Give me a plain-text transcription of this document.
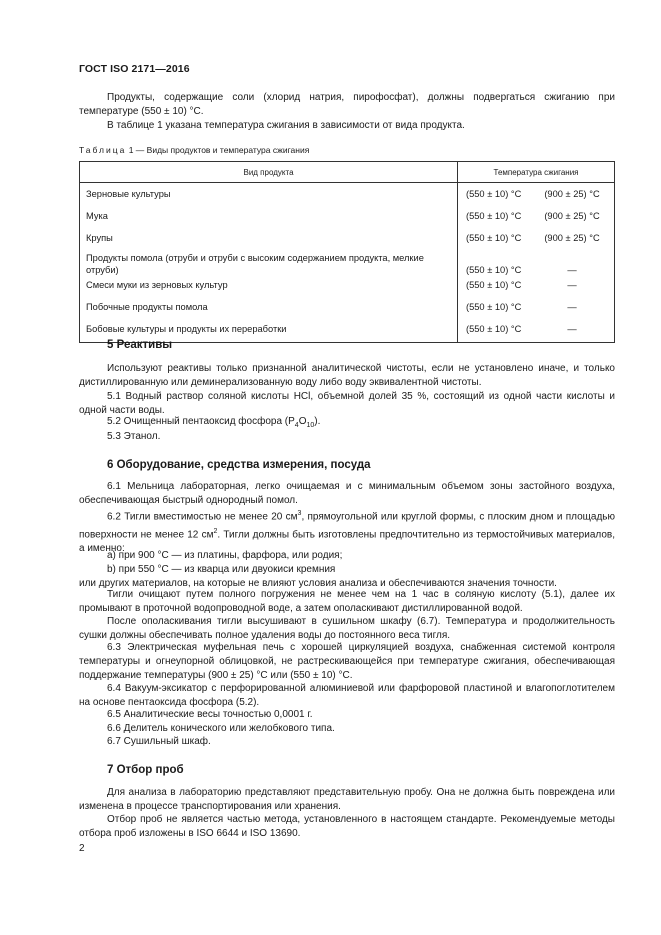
ГОСТ ISO 2171—2016
Продукты, содержащие соли (хлорид натрия, пирофосфат), должны подвергаться сжиганию при температуре (550 ± 10) °С.
В таблице 1 указана температура сжигания в зависимости от вида продукта.
Таблица 1 — Виды продуктов и температура сжигания
Вид продукта	Температура сжигания	
Зерновые культуры	(550 ± 10) °С	(900 ± 25) °С
Мука	(550 ± 10) °С	(900 ± 25) °С
Крупы	(550 ± 10) °С	(900 ± 25) °С
Продукты помола (отруби и отруби с высоким содержанием продукта, мелкие отруби)	(550 ± 10) °С	—
Смеси муки из зерновых культур	(550 ± 10) °С	—
Побочные продукты помола	(550 ± 10) °С	—
Бобовые культуры и продукты их переработки	(550 ± 10) °С	—
5 Реактивы
Используют реактивы только признанной аналитической чистоты, если не установлено иначе, и только дистиллированную или деминерализованную воду либо воду эквивалентной чистоты.
5.1 Водный раствор соляной кислоты HCl, объемной долей 35 %, состоящий из одной части кислоты и одной части воды.
5.2 Очищенный пентаоксид фосфора $(P_4O_{10})$.
5.3 Этанол.
6 Оборудование, средства измерения, посуда
6.1 Мельница лабораторная, легко очищаемая и с минимальным объемом зоны застойного воздуха, обеспечивающая быстрый однородный помол.
6.2 Тигли вместимостью не менее 20 $см^3$, прямоугольной или круглой формы, с плоским дном и площадью поверхности не менее 12 $см^2$. Тигли должны быть изготовлены предпочтительно из термостойчивых материалов, а именно:
а) при 900 °С — из платины, фарфора, или родия;
b) при 550 °С — из кварца или двуокиси кремния
или других материалов, на которые не влияют условия анализа и обеспечиваются значения точности.
Тигли очищают путем полного погружения не менее чем на 1 час в соляную кислоту (5.1), далее их промывают в проточной водопроводной воде, а затем ополаскивают дистиллированной водой.
После ополаскивания тигли высушивают в сушильном шкафу (6.7). Температура и продолжительность сушки должны обеспечивать полное удаления воды до постоянного веса тигля.
6.3 Электрическая муфельная печь с хорошей циркуляцией воздуха, снабженная системой контроля температуры и огнеупорной облицовкой, не растрескивающейся при температуре сжигания, обеспечивающая поддержание температуры (900 ± 25) °С или (550 ± 10) °С.
6.4 Вакуум-эксикатор с перфорированной алюминиевой или фарфоровой пластиной и влагопоглотителем на основе пентаоксида фосфора (5.2).
6.5 Аналитические весы точностью 0,0001 г.
6.6 Делитель конического или желобкового типа.
6.7 Сушильный шкаф.
7 Отбор проб
Для анализа в лабораторию представляют представительную пробу. Она не должна быть повреждена или изменена в процессе транспортирования или хранения.
Отбор проб не является частью метода, установленного в настоящем стандарте. Рекомендуемые методы отбора проб изложены в ISO 6644 и ISO 13690.
2
